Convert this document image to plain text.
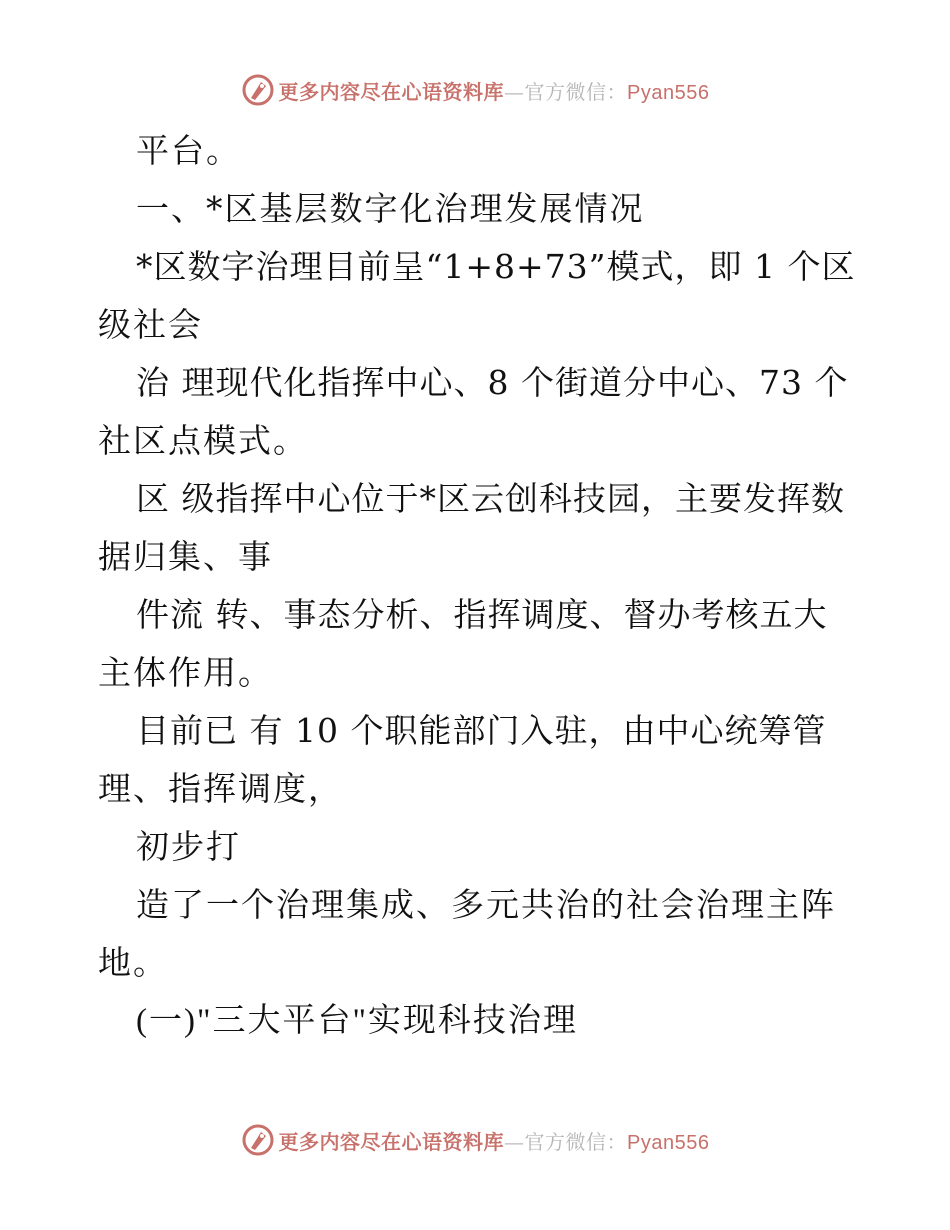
更多内容尽在心语资料库—官方微信：Pyan556
平台。
一、*区基层数字化治理发展情况
*区数字治理目前呈“1+8+73”模式，即 1 个区
级社会
治 理现代化指挥中心、8 个街道分中心、73 个
社区点模式。
区 级指挥中心位于*区云创科技园，主要发挥数
据归集、事
件流 转、事态分析、指挥调度、督办考核五大
主体作用。
目前已 有 10 个职能部门入驻，由中心统筹管
理、指挥调度，
初步打
造了一个治理集成、多元共治的社会治理主阵
地。
(一)"三大平台"实现科技治理
更多内容尽在心语资料库—官方微信：Pyan556
